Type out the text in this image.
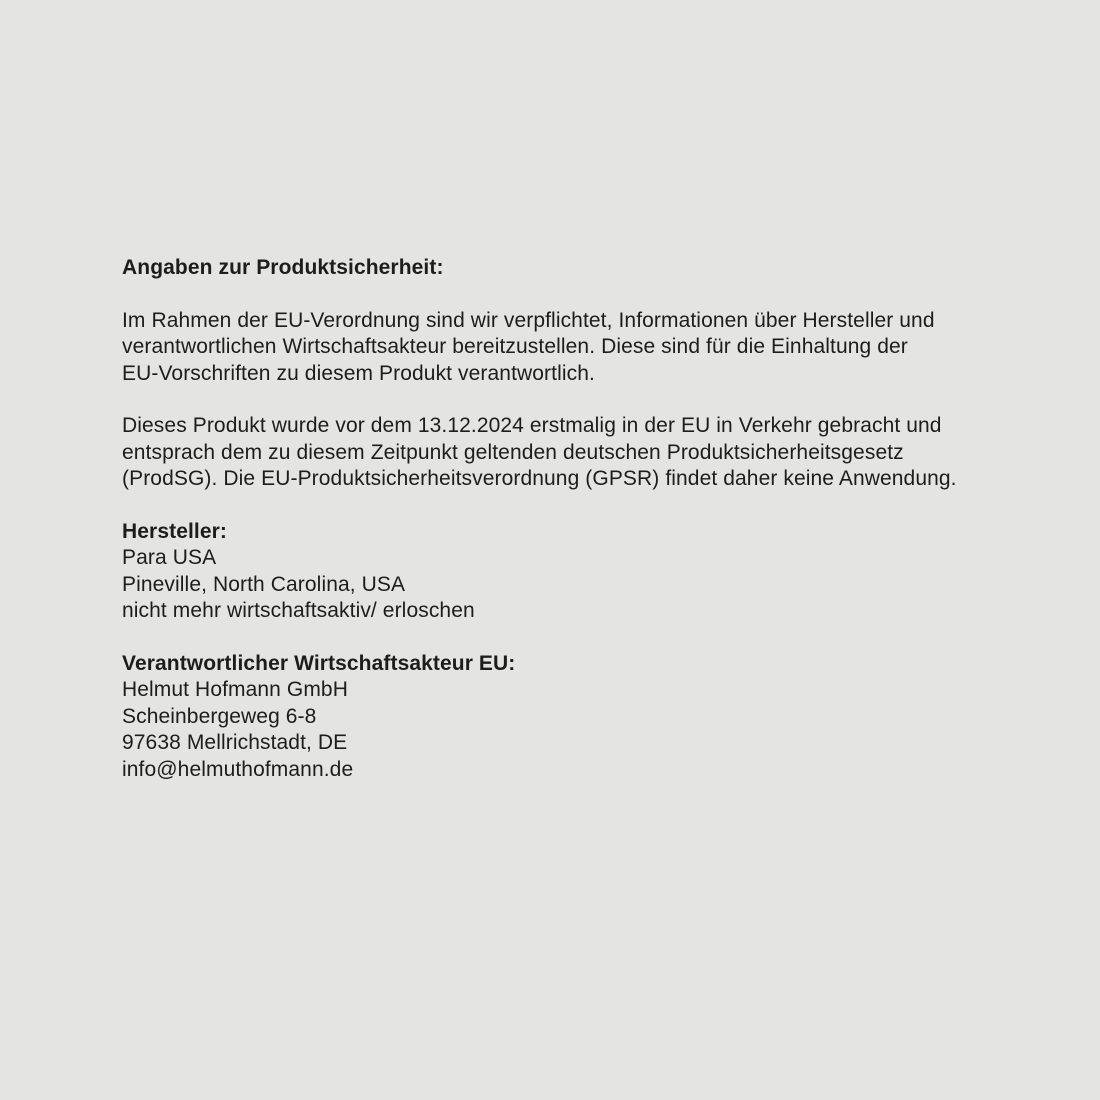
Angaben zur Produktsicherheit:
Im Rahmen der EU-Verordnung sind wir verpflichtet, Informationen über Hersteller und
verantwortlichen Wirtschaftsakteur bereitzustellen. Diese sind für die Einhaltung der
EU-Vorschriften zu diesem Produkt verantwortlich.
Dieses Produkt wurde vor dem 13.12.2024 erstmalig in der EU in Verkehr gebracht und
entsprach dem zu diesem Zeitpunkt geltenden deutschen Produktsicherheitsgesetz
(ProdSG). Die EU-Produktsicherheitsverordnung (GPSR) findet daher keine Anwendung.
Hersteller:
Para USA
Pineville, North Carolina, USA
nicht mehr wirtschaftsaktiv/ erloschen
Verantwortlicher Wirtschaftsakteur EU:
Helmut Hofmann GmbH
Scheinbergeweg 6-8
97638 Mellrichstadt, DE
info@helmuthofmann.de
